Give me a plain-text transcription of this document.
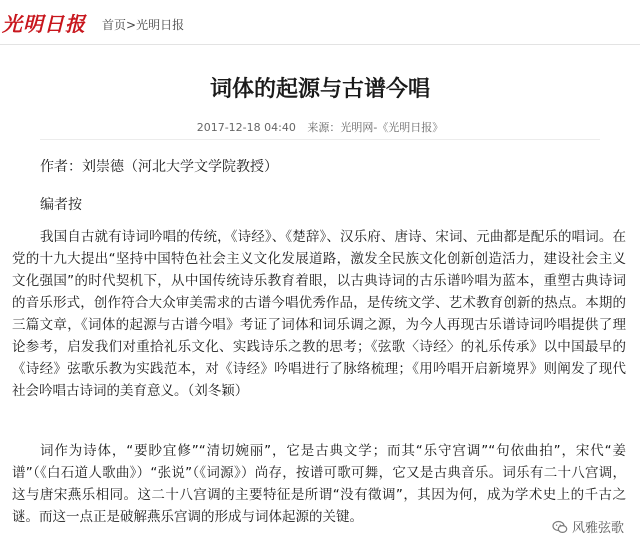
光明日报 首页>光明日报
词体的起源与古谱今唱
2017-12-18 04:40 来源：光明网-《光明日报》
作者：刘崇德（河北大学文学院教授）
编者按

我国自古就有诗词吟唱的传统，《诗经》、《楚辞》、汉乐府、唐诗、宋词、元曲都是配乐的唱词。在党的十九大提出“坚持中国特色社会主义文化发展道路，激发全民族文化创新创造活力，建设社会主义文化强国”的时代契机下，从中国传统诗乐教育着眼，以古典诗词的古乐谱吟唱为蓝本，重塑古典诗词的音乐形式，创作符合大众审美需求的古谱今唱优秀作品，是传统文学、艺术教育创新的热点。本期的三篇文章，《词体的起源与古谱今唱》考证了词体和词乐调之源，为今人再现古乐谱诗词吟唱提供了理论参考，启发我们对重拾礼乐文化、实践诗乐之教的思考；《弦歌〈诗经〉的礼乐传承》以中国最早的《诗经》弦歌乐教为实践范本，对《诗经》吟唱进行了脉络梳理；《用吟唱开启新境界》则阐发了现代社会吟唱古诗词的美育意义。（刘冬颖）

词作为诗体，“要眇宜修”“清切婉丽”，它是古典文学；而其“乐守宫调”“句依曲拍”，宋代“姜谱”（《白石道人歌曲》）“张说”（《词源》）尚存，按谱可歌可舞，它又是古典音乐。词乐有二十八宫调，这与唐宋燕乐相同。这二十八宫调的主要特征是所谓“没有徵调”，其因为何，成为学术史上的千古之谜。而这一点正是破解燕乐宫调的形成与词体起源的关键。

风雅弦歌
